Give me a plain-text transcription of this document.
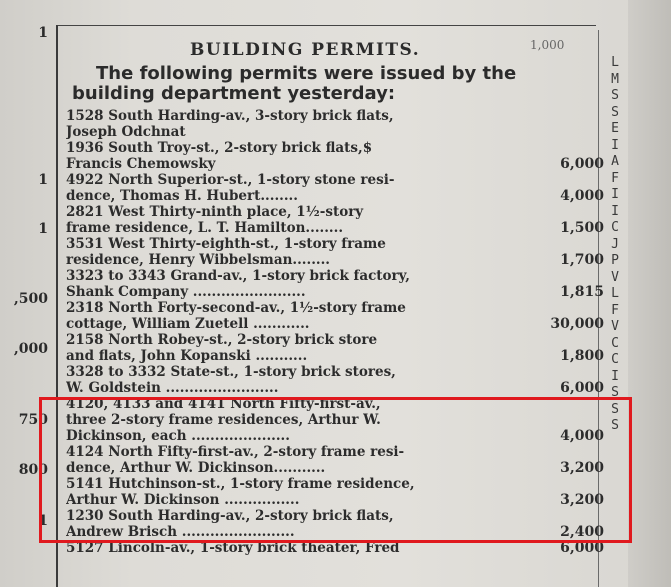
1
1
1
,500
,000
750
800
1
1,000
BUILDING PERMITS.
The following permits were issued by the
building department yesterday:
1528 South Harding-av., 3-story brick flats,
Joseph Odchnat
1936 South Troy-st., 2-story brick flats,$
Francis Chemowsky	6,000
4922 North Superior-st., 1-story stone resi-
dence, Thomas H. Hubert........	4,000
2821 West Thirty-ninth place, 1½-story
frame residence, L. T. Hamilton........	1,500
3531 West Thirty-eighth-st., 1-story frame
residence, Henry Wibbelsman........	1,700
3323 to 3343 Grand-av., 1-story brick factory,
Shank Company ........................	1,815
2318 North Forty-second-av., 1½-story frame
cottage, William Zuetell ............	30,000
2158 North Robey-st., 2-story brick store
and flats, John Kopanski ...........	1,800
3328 to 3332 State-st., 1-story brick stores,
W. Goldstein ........................	6,000
4120, 4133 and 4141 North Fifty-first-av.,
three 2-story frame residences, Arthur W.
Dickinson, each .....................	4,000
4124 North Fifty-first-av., 2-story frame resi-
dence, Arthur W. Dickinson...........	3,200
5141 Hutchinson-st., 1-story frame residence,
Arthur W. Dickinson ................	3,200
1230 South Harding-av., 2-story brick flats,
Andrew Brisch ........................	2,400
5127 Lincoln-av., 1-story brick theater, Fred	6,000
L
M
S
S
E
I
A
F
I
I
C
J
P
V
L
F
V
C
C
I
S
S
S
